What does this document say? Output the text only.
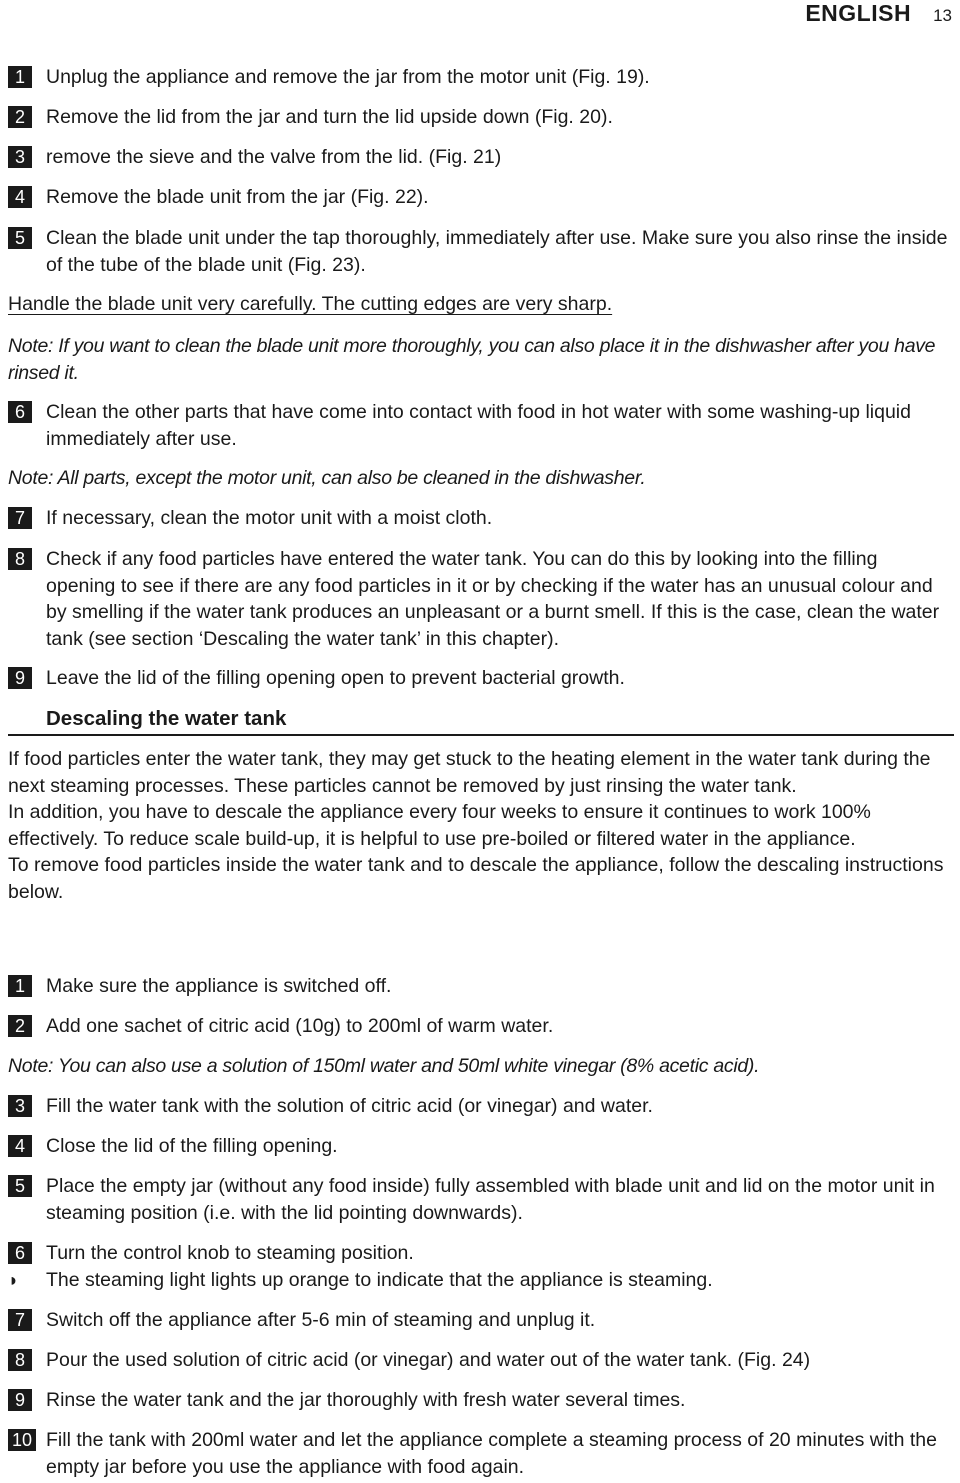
ENGLISH 13
1	Unplug the appliance and remove the jar from the motor unit (Fig. 19).
2	Remove the lid from the jar and turn the lid upside down (Fig. 20).
3	remove the sieve and the valve from the lid. (Fig. 21)
4	Remove the blade unit from the jar (Fig. 22).
5	Clean the blade unit under the tap thoroughly, immediately after use. Make sure you also rinse the inside of the tube of the blade unit (Fig. 23).
Handle the blade unit very carefully. The cutting edges are very sharp.
Note: If you want to clean the blade unit more thoroughly, you can also place it in the dishwasher after you have rinsed it.
6	Clean the other parts that have come into contact with food in hot water with some washing-up liquid immediately after use.
Note: All parts, except the motor unit, can also be cleaned in the dishwasher.
7	If necessary, clean the motor unit with a moist cloth.
8	Check if any food particles have entered the water tank. You can do this by looking into the filling opening to see if there are any food particles in it or by checking if the water has an unusual colour and by smelling if the water tank produces an unpleasant or a burnt smell. If this is the case, clean the water tank (see section ‘Descaling the water tank’ in this chapter).
9	Leave the lid of the filling opening open to prevent bacterial growth.
Descaling the water tank
If food particles enter the water tank, they may get stuck to the heating element in the water tank during the next steaming processes. These particles cannot be removed by just rinsing the water tank.
In addition, you have to descale the appliance every four weeks to ensure it continues to work 100% effectively. To reduce scale build-up, it is helpful to use pre-boiled or filtered water in the appliance.
To remove food particles inside the water tank and to descale the appliance, follow the descaling instructions below.
1	Make sure the appliance is switched off.
2	Add one sachet of citric acid (10g) to 200ml of warm water.
Note: You can also use a solution of 150ml water and 50ml white vinegar (8% acetic acid).
3	Fill the water tank with the solution of citric acid (or vinegar) and water.
4	Close the lid of the filling opening.
5	Place the empty jar (without any food inside) fully assembled with blade unit and lid on the motor unit in steaming position (i.e. with the lid pointing downwards).
6	Turn the control knob to steaming position.
◗	The steaming light lights up orange to indicate that the appliance is steaming.
7	Switch off the appliance after 5-6 min of steaming and unplug it.
8	Pour the used solution of citric acid (or vinegar) and water out of the water tank. (Fig. 24)
9	Rinse the water tank and the jar thoroughly with fresh water several times.
10 Fill the tank with 200ml water and let the appliance complete a steaming process of 20 minutes with the empty jar before you use the appliance with food again.
